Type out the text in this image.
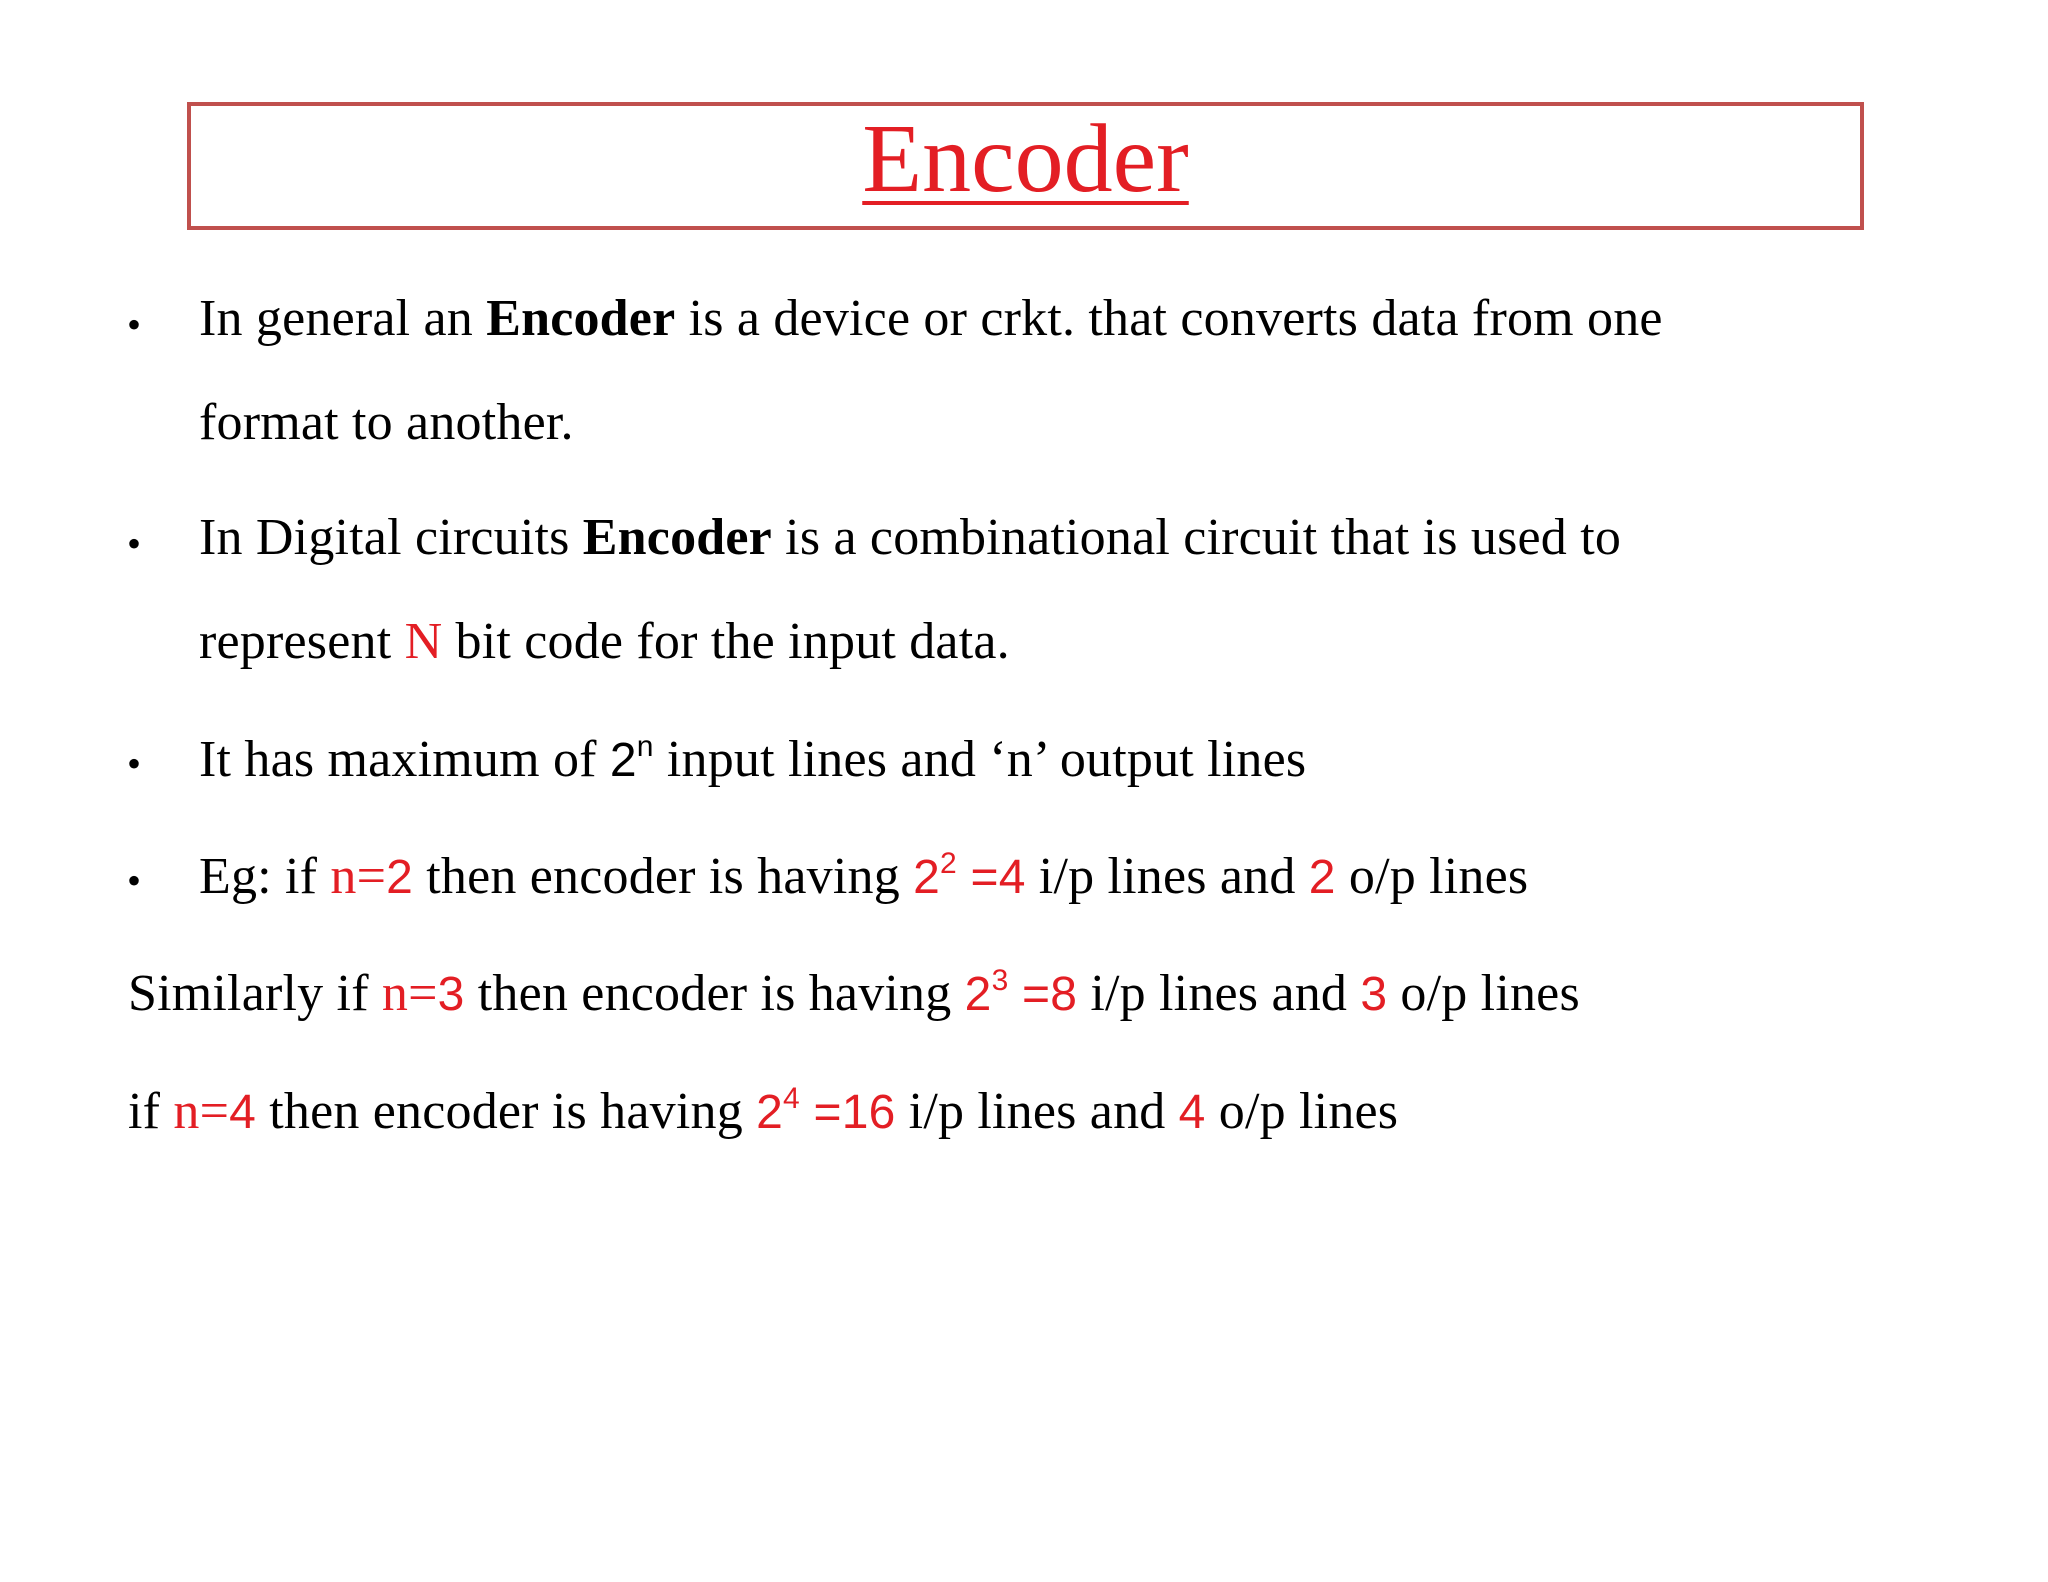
Encoder
• In general an Encoder is a device or crkt. that converts data from one
format to another.
• In Digital circuits Encoder is a combinational circuit that is used to
represent N bit code for the input data.
• It has maximum of 2$^n$ input lines and ‘n’ output lines
• Eg: if n=2 then encoder is having $2^2 =4$ i/p lines and 2 o/p lines
Similarly if n=3 then encoder is having $2^3 =8$ i/p lines and 3 o/p lines
if n=4 then encoder is having $2^4 =16$ i/p lines and 4 o/p lines
